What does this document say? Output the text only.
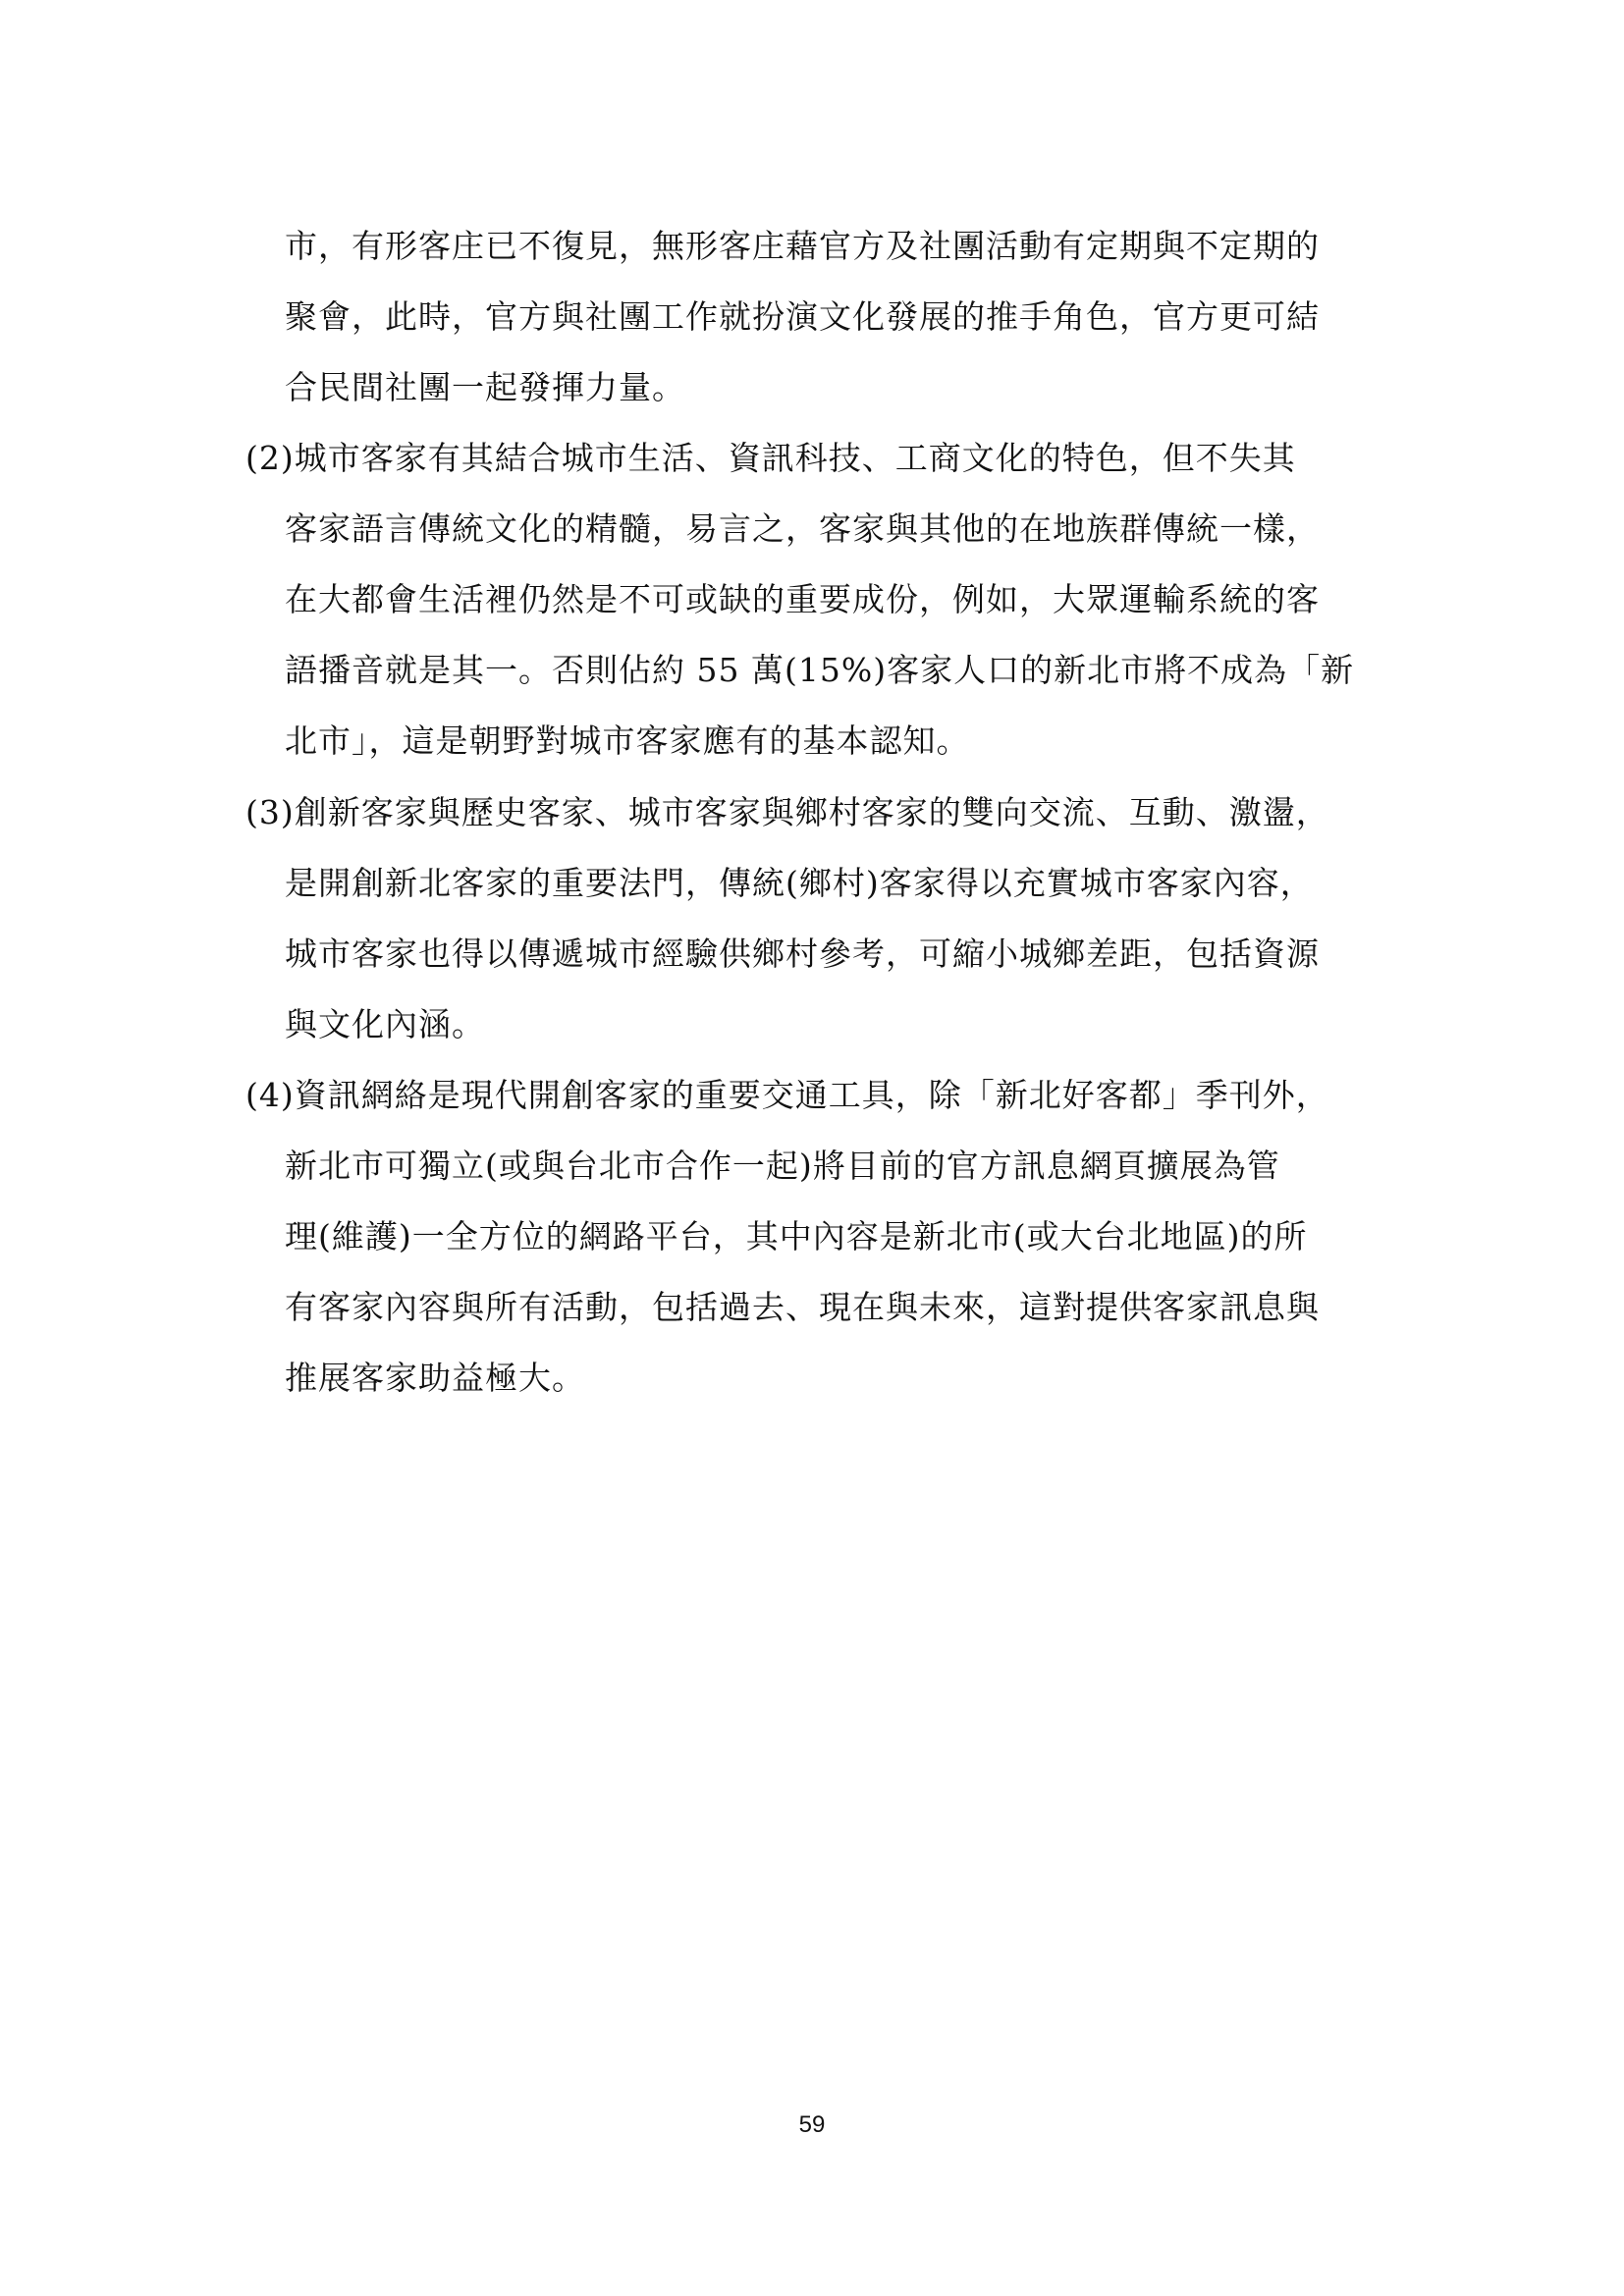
市，有形客庄已不復見，無形客庄藉官方及社團活動有定期與不定期的
聚會，此時，官方與社團工作就扮演文化發展的推手角色，官方更可結
合民間社團一起發揮力量。
(2)城市客家有其結合城市生活、資訊科技、工商文化的特色，但不失其
客家語言傳統文化的精髓，易言之，客家與其他的在地族群傳統一樣，
在大都會生活裡仍然是不可或缺的重要成份，例如，大眾運輸系統的客
語播音就是其一。否則佔約 55 萬(15%)客家人口的新北市將不成為「新
北市」，這是朝野對城市客家應有的基本認知。
(3)創新客家與歷史客家、城市客家與鄉村客家的雙向交流、互動、激盪，
是開創新北客家的重要法門，傳統(鄉村)客家得以充實城市客家內容，
城市客家也得以傳遞城市經驗供鄉村參考，可縮小城鄉差距，包括資源
與文化內涵。
(4)資訊網絡是現代開創客家的重要交通工具，除「新北好客都」季刊外，
新北市可獨立(或與台北市合作一起)將目前的官方訊息網頁擴展為管
理(維護)一全方位的網路平台，其中內容是新北市(或大台北地區)的所
有客家內容與所有活動，包括過去、現在與未來，這對提供客家訊息與
推展客家助益極大。
59
